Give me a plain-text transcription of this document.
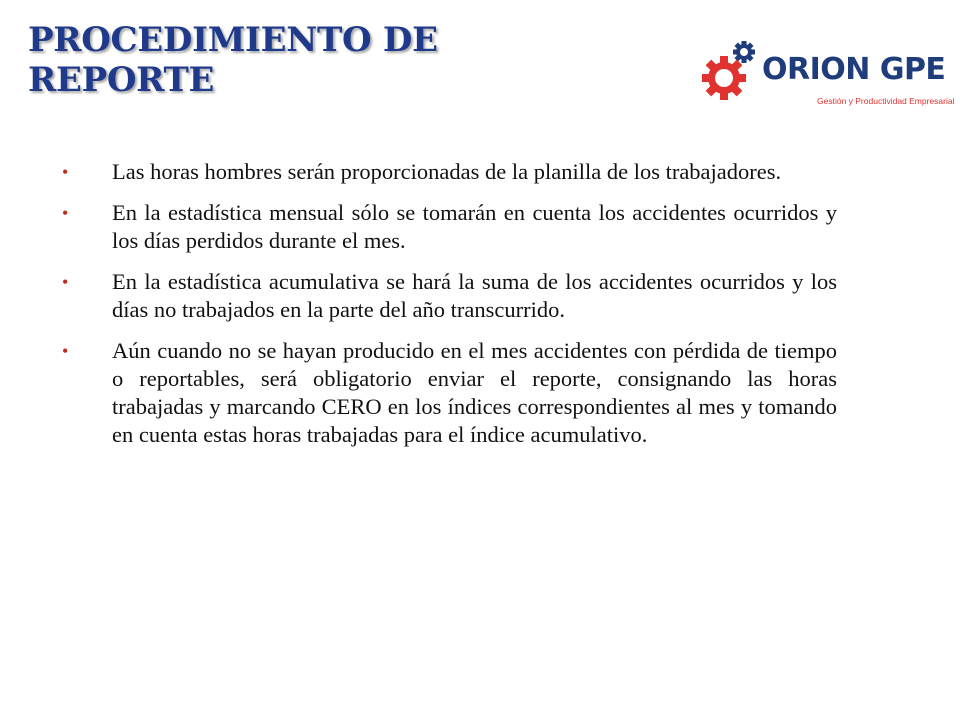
PROCEDIMIENTO DE
REPORTE	ORION GPE
Gestión y Productividad Empresarial
• Las horas hombres serán proporcionadas de la planilla de los trabajadores.
• En la estadística mensual sólo se tomarán en cuenta los accidentes ocurridos y los días perdidos durante el mes.
• En la estadística acumulativa se hará la suma de los accidentes ocurridos y los días no trabajados en la parte del año transcurrido.
• Aún cuando no se hayan producido en el mes accidentes con pérdida de tiempo o reportables, será obligatorio enviar el reporte, consignando las horas trabajadas y marcando CERO en los índices correspondientes al mes y tomando en cuenta estas horas trabajadas para el índice acumulativo.
